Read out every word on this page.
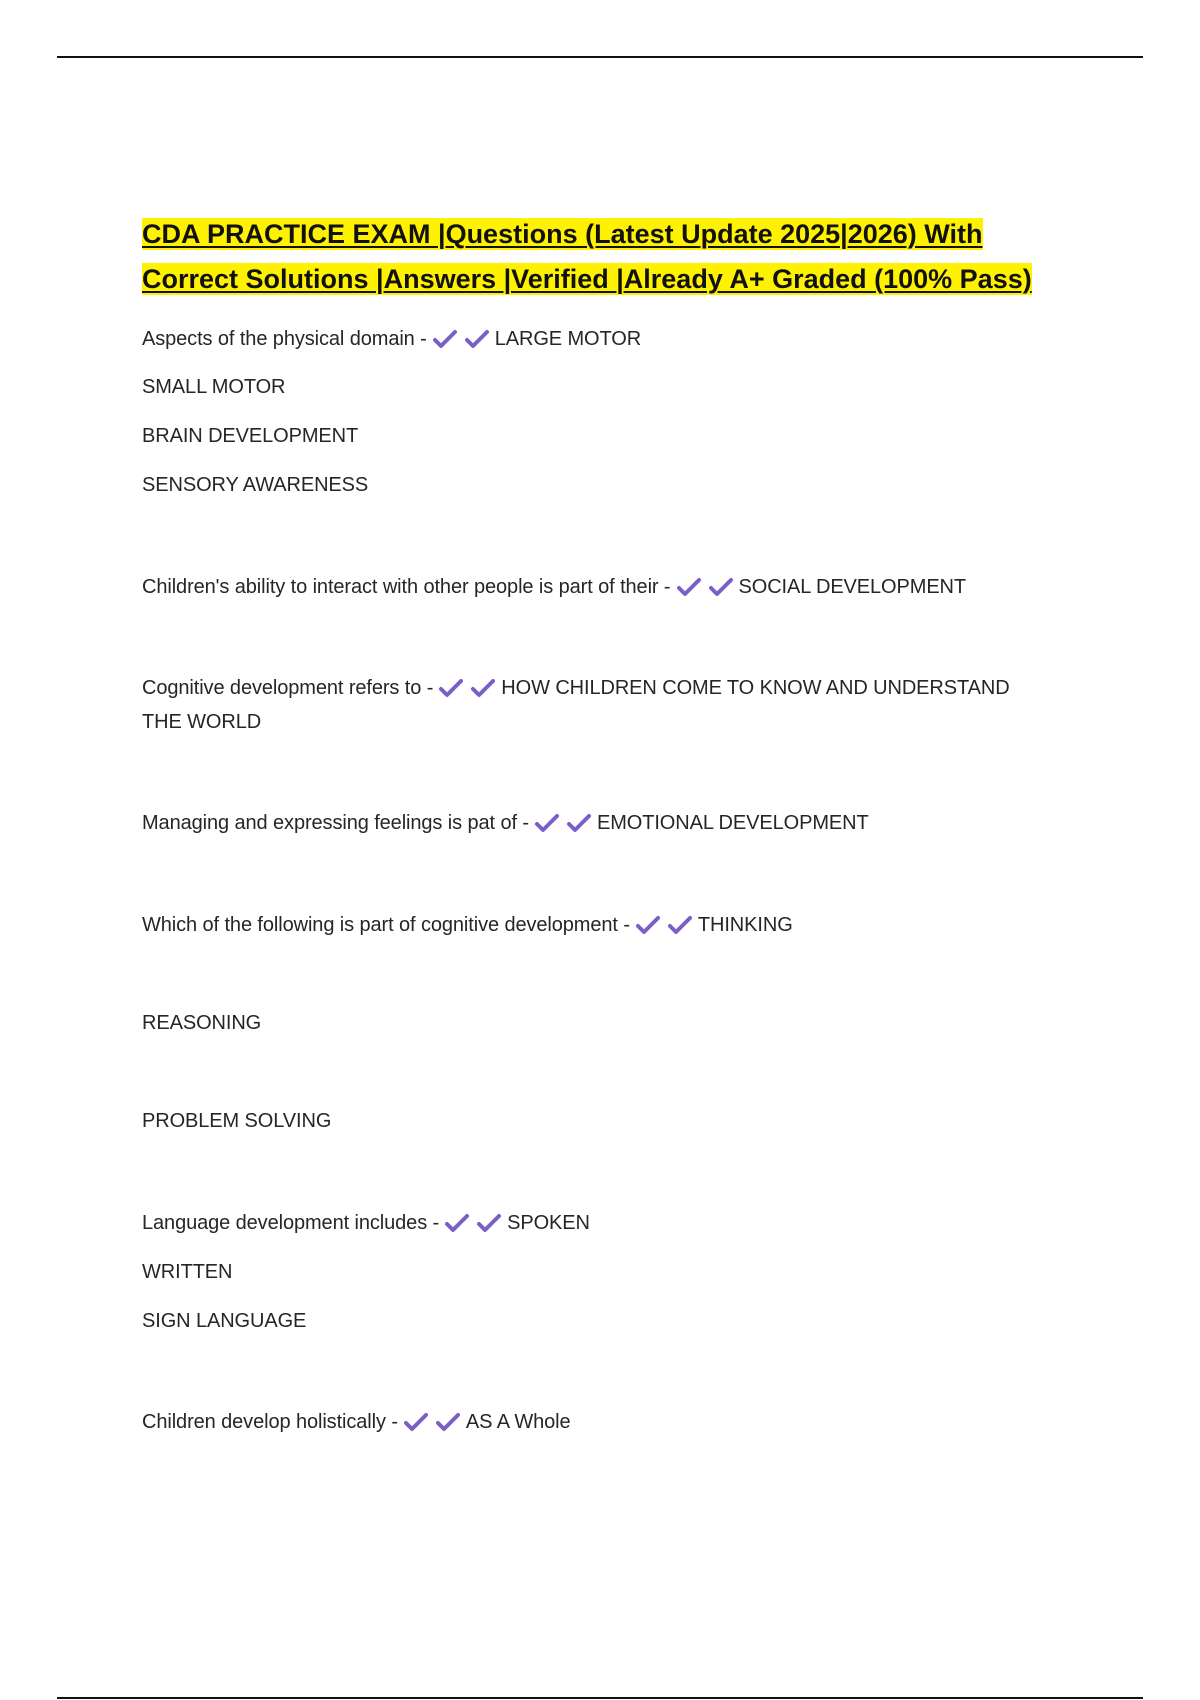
CDA PRACTICE EXAM |Questions (Latest Update 2025|2026) With
Correct Solutions |Answers |Verified |Already A+ Graded (100% Pass)
Aspects of the physical domain -	LARGE MOTOR
SMALL MOTOR
BRAIN DEVELOPMENT
SENSORY AWARENESS
Children's ability to interact with other people is part of their -	SOCIAL DEVELOPMENT
Cognitive development refers to -	HOW CHILDREN COME TO KNOW AND UNDERSTAND
THE WORLD
Managing and expressing feelings is pat of -	EMOTIONAL DEVELOPMENT
Which of the following is part of cognitive development -	THINKING
REASONING
PROBLEM SOLVING
Language development includes -	SPOKEN
WRITTEN
SIGN LANGUAGE
Children develop holistically -	AS A Whole
